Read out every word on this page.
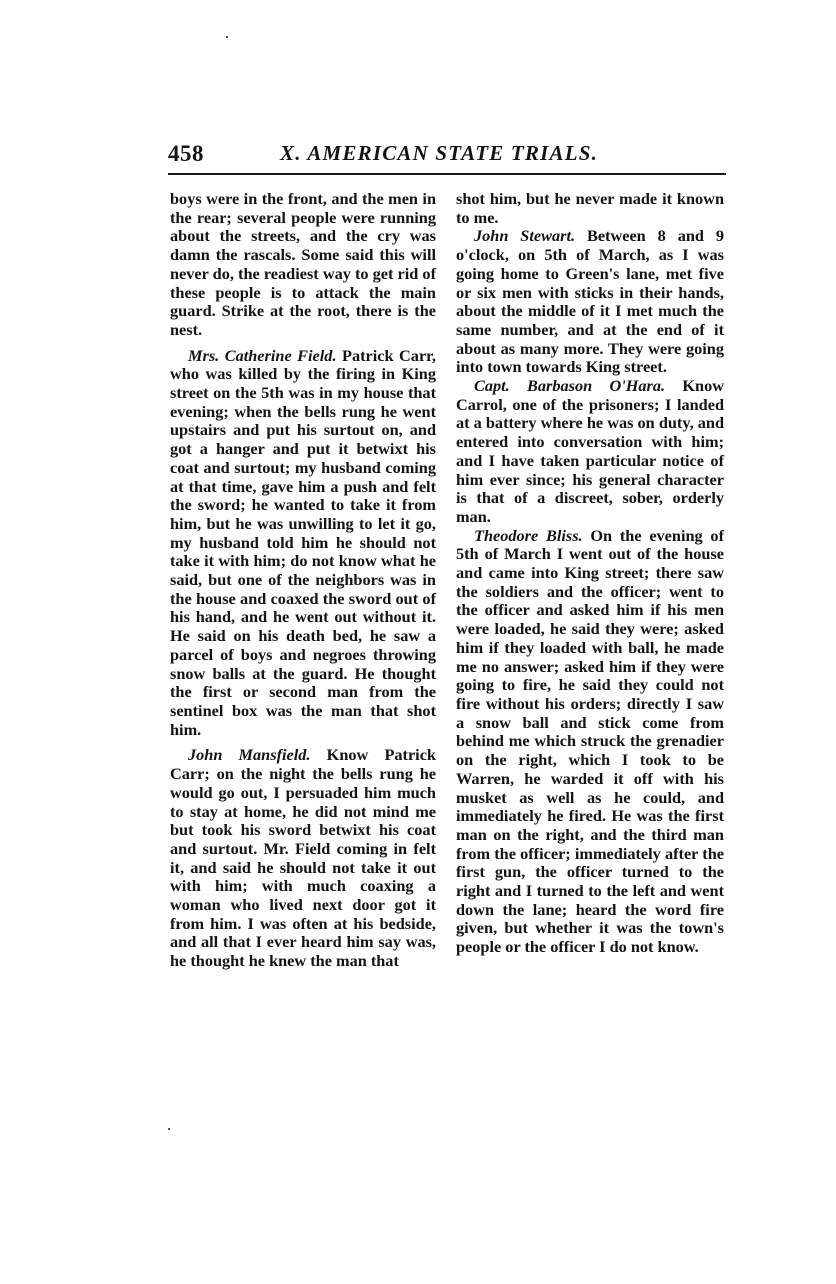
458	X. AMERICAN STATE TRIALS.

boys were in the front, and the men in the rear; several people were running about the streets, and the cry was damn the rascals. Some said this will never do, the readiest way to get rid of these people is to attack the main guard. Strike at the root, there is the nest.

Mrs. Catherine Field. Patrick Carr, who was killed by the firing in King street on the 5th was in my house that evening; when the bells rung he went upstairs and put his surtout on, and got a hanger and put it betwixt his coat and surtout; my husband coming at that time, gave him a push and felt the sword; he wanted to take it from him, but he was unwilling to let it go, my husband told him he should not take it with him; do not know what he said, but one of the neighbors was in the house and coaxed the sword out of his hand, and he went out without it. He said on his death bed, he saw a parcel of boys and negroes throwing snow balls at the guard. He thought the first or second man from the sentinel box was the man that shot him.

John Mansfield. Know Patrick Carr; on the night the bells rung he would go out, I persuaded him much to stay at home, he did not mind me but took his sword betwixt his coat and surtout. Mr. Field coming in felt it, and said he should not take it out with him; with much coaxing a woman who lived next door got it from him. I was often at his bedside, and all that I ever heard him say was, he thought he knew the man that

shot him, but he never made it known to me.

John Stewart. Between 8 and 9 o'clock, on 5th of March, as I was going home to Green's lane, met five or six men with sticks in their hands, about the middle of it I met much the same number, and at the end of it about as many more. They were going into town towards King street.

Capt. Barbason O'Hara. Know Carrol, one of the prisoners; I landed at a battery where he was on duty, and entered into conversation with him; and I have taken particular notice of him ever since; his general character is that of a discreet, sober, orderly man.

Theodore Bliss. On the evening of 5th of March I went out of the house and came into King street; there saw the soldiers and the officer; went to the officer and asked him if his men were loaded, he said they were; asked him if they loaded with ball, he made me no answer; asked him if they were going to fire, he said they could not fire without his orders; directly I saw a snow ball and stick come from behind me which struck the grenadier on the right, which I took to be Warren, he warded it off with his musket as well as he could, and immediately he fired. He was the first man on the right, and the third man from the officer; immediately after the first gun, the officer turned to the right and I turned to the left and went down the lane; heard the word fire given, but whether it was the town's people or the officer I do not know.
